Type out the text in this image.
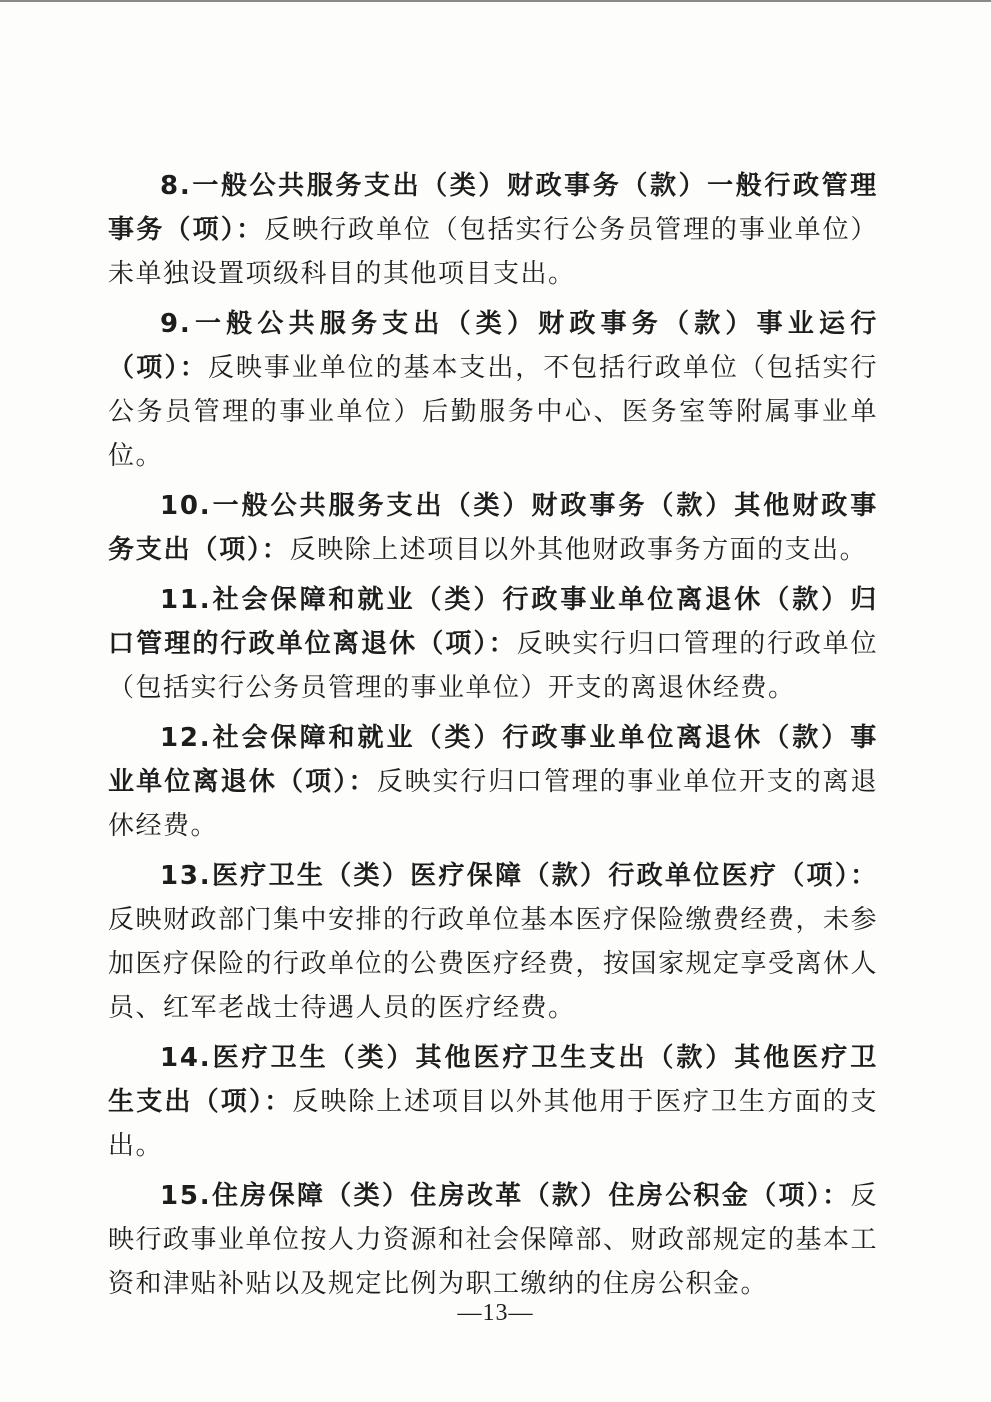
8.一般公共服务支出（类）财政事务（款）一般行政管理事务（项）：反映行政单位（包括实行公务员管理的事业单位）未单独设置项级科目的其他项目支出。

9.一般公共服务支出（类）财政事务（款）事业运行（项）：反映事业单位的基本支出，不包括行政单位（包括实行公务员管理的事业单位）后勤服务中心、医务室等附属事业单位。

10.一般公共服务支出（类）财政事务（款）其他财政事务支出（项）：反映除上述项目以外其他财政事务方面的支出。

11.社会保障和就业（类）行政事业单位离退休（款）归口管理的行政单位离退休（项）：反映实行归口管理的行政单位（包括实行公务员管理的事业单位）开支的离退休经费。

12.社会保障和就业（类）行政事业单位离退休（款）事业单位离退休（项）：反映实行归口管理的事业单位开支的离退休经费。

13.医疗卫生（类）医疗保障（款）行政单位医疗（项）：反映财政部门集中安排的行政单位基本医疗保险缴费经费，未参加医疗保险的行政单位的公费医疗经费，按国家规定享受离休人员、红军老战士待遇人员的医疗经费。

14.医疗卫生（类）其他医疗卫生支出（款）其他医疗卫生支出（项）：反映除上述项目以外其他用于医疗卫生方面的支出。

15.住房保障（类）住房改革（款）住房公积金（项）：反映行政事业单位按人力资源和社会保障部、财政部规定的基本工资和津贴补贴以及规定比例为职工缴纳的住房公积金。

—13—
